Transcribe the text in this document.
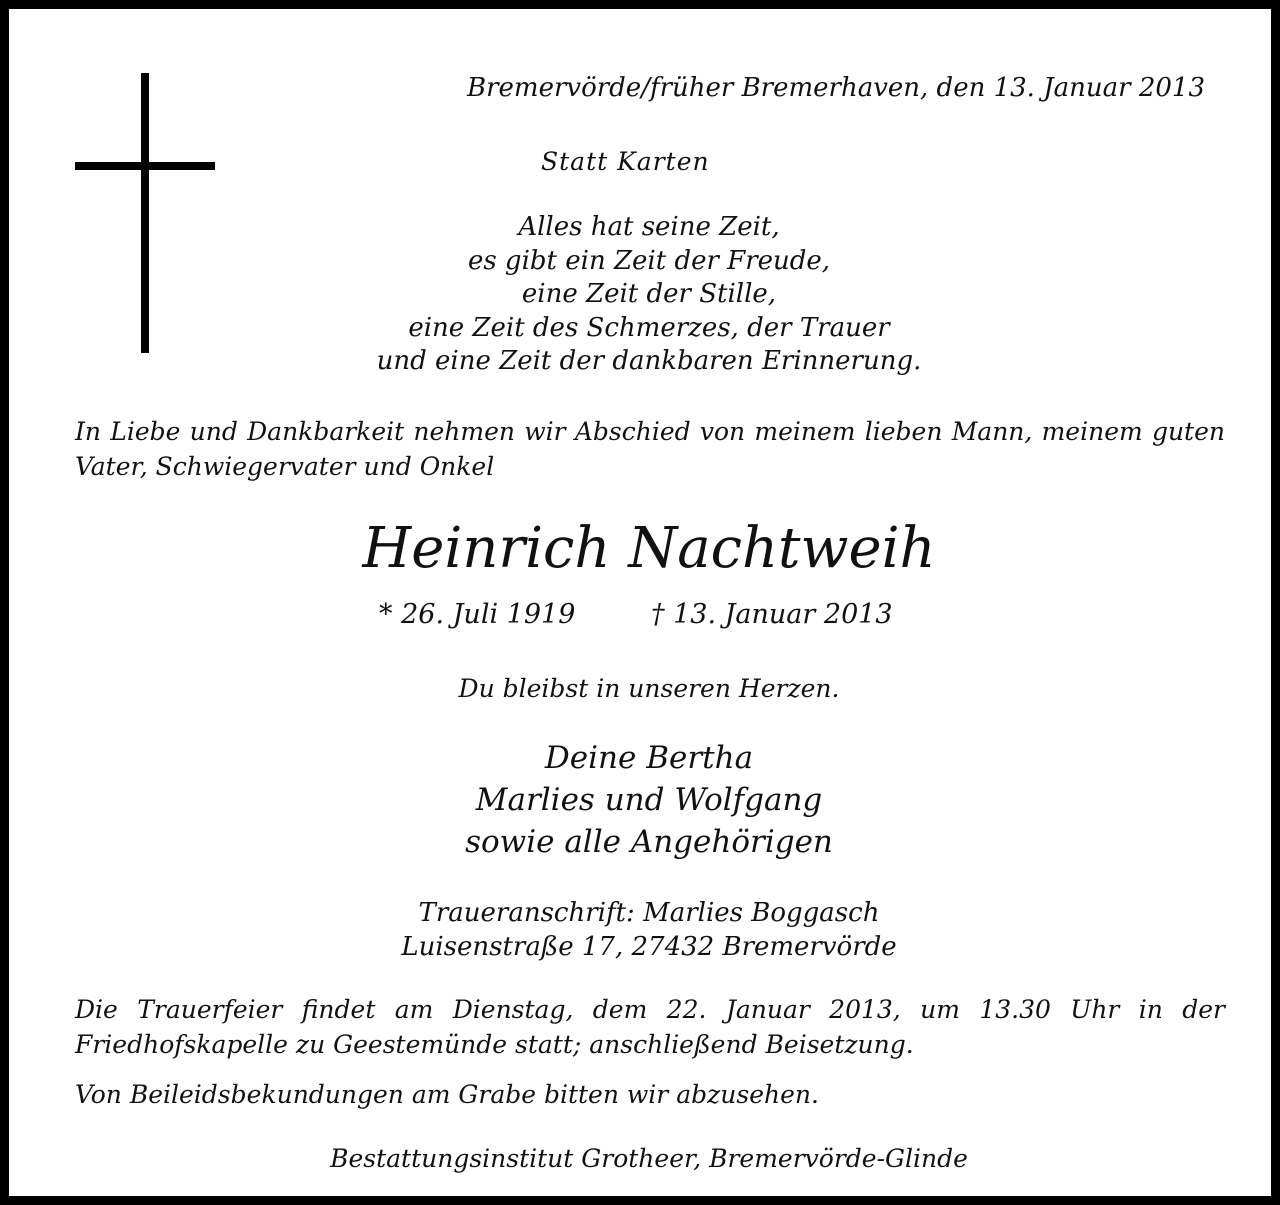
Bremervörde/früher Bremerhaven, den 13. Januar 2013
Statt Karten
Alles hat seine Zeit,
es gibt ein Zeit der Freude,
eine Zeit der Stille,
eine Zeit des Schmerzes, der Trauer
und eine Zeit der dankbaren Erinnerung.
In Liebe und Dankbarkeit nehmen wir Abschied von meinem lieben Mann, meinem guten Vater, Schwiegervater und Onkel
Heinrich Nachtweih
* 26. Juli 1919	† 13. Januar 2013
Du bleibst in unseren Herzen.
Deine Bertha
Marlies und Wolfgang
sowie alle Angehörigen
Traueranschrift: Marlies Boggasch
Luisenstraße 17, 27432 Bremervörde
Die Trauerfeier findet am Dienstag, dem 22. Januar 2013, um 13.30 Uhr in der Friedhofskapelle zu Geestemünde statt; anschließend Beisetzung.
Von Beileidsbekundungen am Grabe bitten wir abzusehen.
Bestattungsinstitut Grotheer, Bremervörde-Glinde
